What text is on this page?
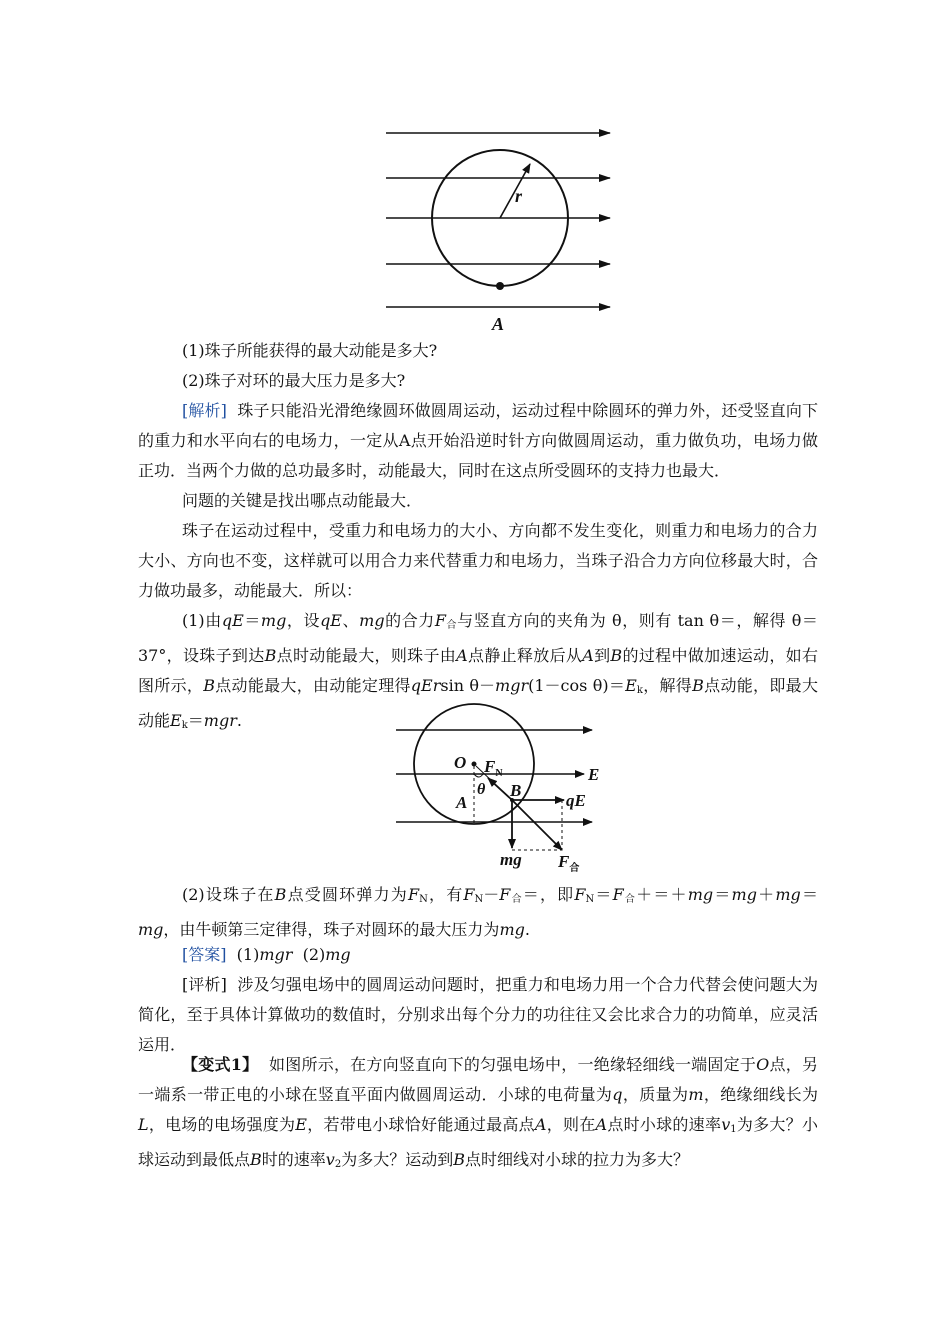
r
A

(1)珠子所能获得的最大动能是多大?

(2)珠子对环的最大压力是多大?

[解析] 珠子只能沿光滑绝缘圆环做圆周运动，运动过程中除圆环的弹力外，还受竖直向下的重力和水平向右的电场力，一定从A点开始沿逆时针方向做圆周运动，重力做负功，电场力做正功．当两个力做的总功最多时，动能最大，同时在这点所受圆环的支持力也最大．

问题的关键是找出哪点动能最大．

珠子在运动过程中，受重力和电场力的大小、方向都不发生变化，则重力和电场力的合力大小、方向也不变，这样就可以用合力来代替重力和电场力，当珠子沿合力方向位移最大时，合力做功最多，动能最大．所以：

(1)由qE＝mg，设qE、mg的合力$F_合$与竖直方向的夹角为 θ，则有 tan θ＝，解得 θ＝37°，设珠子到达B点时动能最大，则珠子由A点静止释放后从A到B的过程中做加速运动，如右图所示，B点动能最大，由动能定理得qErsin θ－mgr(1－cos $\theta)=E_k$，解得B点动能，即最大动能$E_k=mgr$.

O $F_N$	E
θ
A
B
qE
mg $F_合$

(2)设珠子在B点受圆环弹力为$F_N$，有$F_N-F_合=$，即$F_N=F_合+=+mg=mg+mg=mg$，由牛顿第三定律得，珠子对圆环的最大压力为mg.

[答案] (1)mgr (2)mg

[评析] 涉及匀强电场中的圆周运动问题时，把重力和电场力用一个合力代替会使问题大为简化，至于具体计算做功的数值时，分别求出每个分力的功往往又会比求合力的功简单，应灵活运用．

【变式1】 如图所示，在方向竖直向下的匀强电场中，一绝缘轻细线一端固定于O点，另一端系一带正电的小球在竖直平面内做圆周运动．小球的电荷量为q，质量为m，绝缘细线长为L，电场的电场强度为E，若带电小球恰好能通过最高点A，则在A点时小球的速率$v_1$为多大？小球运动到最低点B时的速率$v_2$为多大？运动到B点时细线对小球的拉力为多大？
